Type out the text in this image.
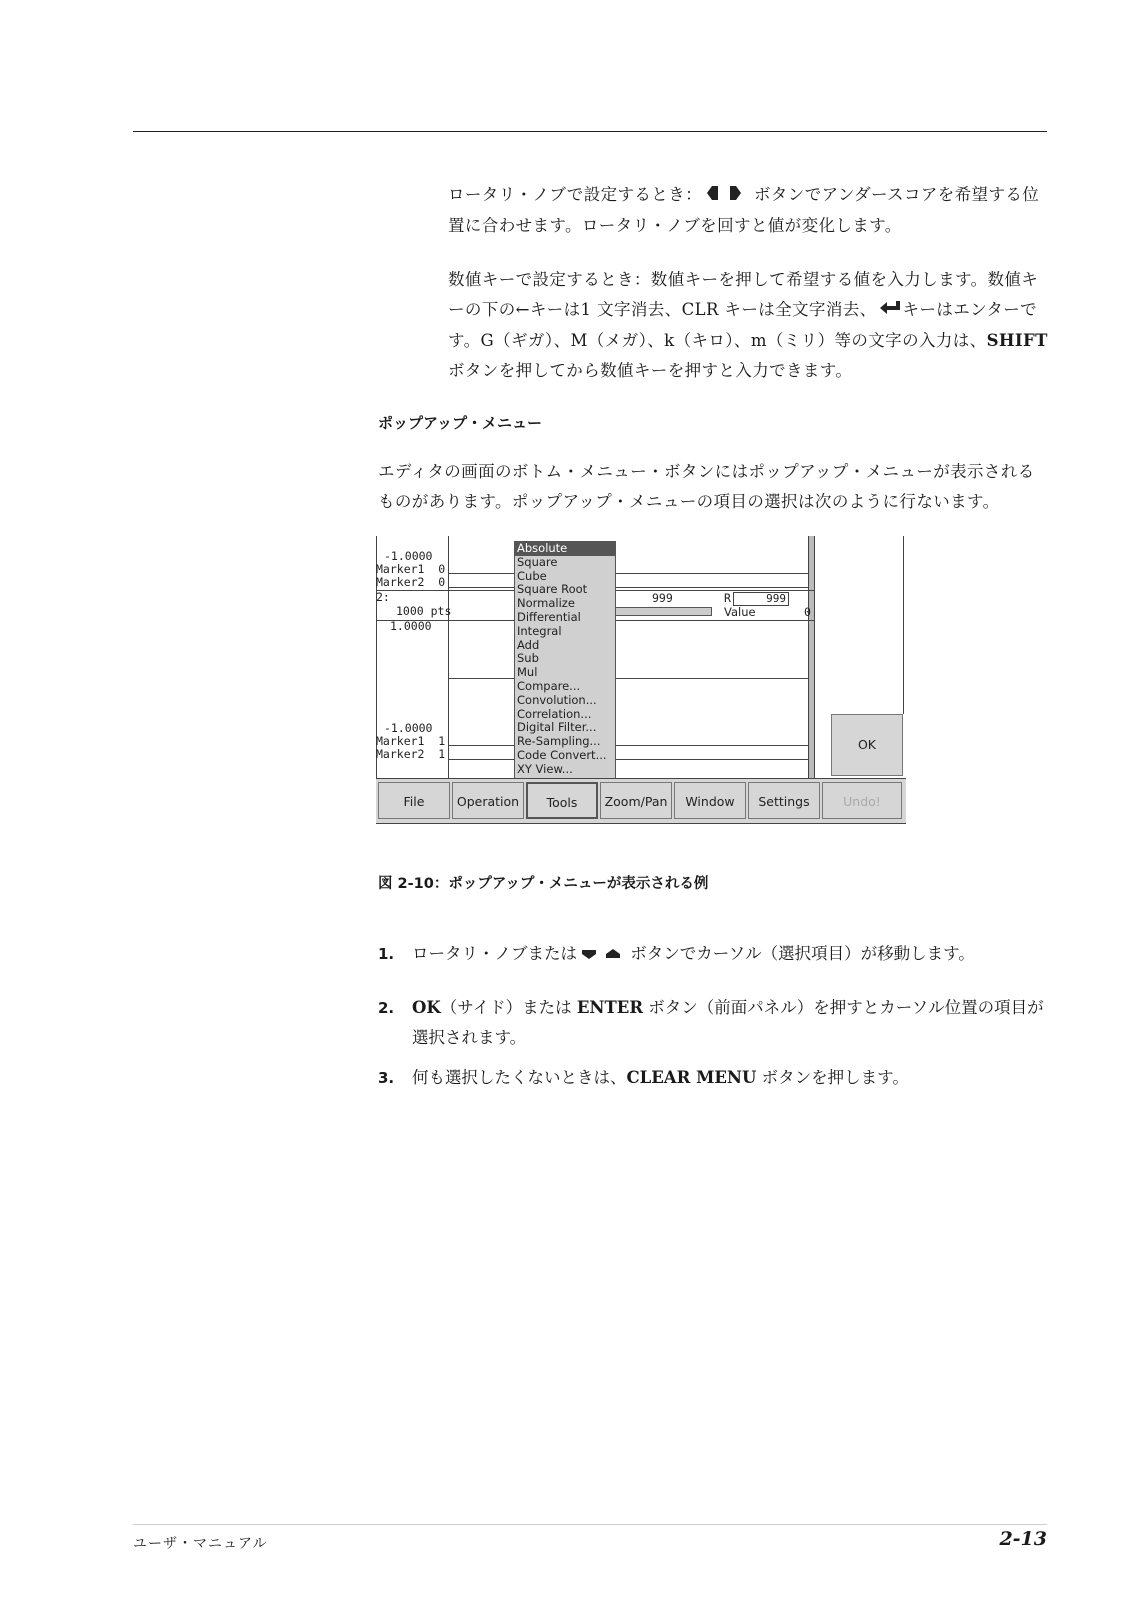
ロータリ・ノブで設定するとき：	ボタンでアンダースコアを希望する位置に合わせます。ロータリ・ノブを回すと値が変化します。

数値キーで設定するとき：数値キーを押して希望する値を入力します。数値キーの下の←キーは1 文字消去、CLR キーは全文字消去、 キーはエンターです。G（ギガ）、M（メガ）、k（キロ）、m（ミリ）等の文字の入力は、SHIFT ボタンを押してから数値キーを押すと入力できます。

ポップアップ・メニュー

エディタの画面のボトム・メニュー・ボタンにはポップアップ・メニューが表示されるものがあります。ポップアップ・メニューの項目の選択は次のように行ないます。

-1.0000
Marker1  0
Marker2  0
2:
1000 pts
1.0000
999	R	999
Value	0
-1.0000
Marker1  1
Marker2  1
Absolute
Square
Cube
Square Root
Normalize
Differential
Integral
Add
Sub
Mul
Compare...
Convolution...
Correlation...
Digital Filter...
Re-Sampling...
Code Convert...
XY View...
OK
File	Operation	Tools	Zoom/Pan	Window	Settings	Undo!

図 2-10：ポップアップ・メニューが表示される例

1. ロータリ・ノブまたは	ボタンでカーソル（選択項目）が移動します。
2. OK（サイド）または ENTER ボタン（前面パネル）を押すとカーソル位置の項目が選択されます。
3. 何も選択したくないときは、CLEAR MENU ボタンを押します。
ユーザ・マニュアル	2-13
